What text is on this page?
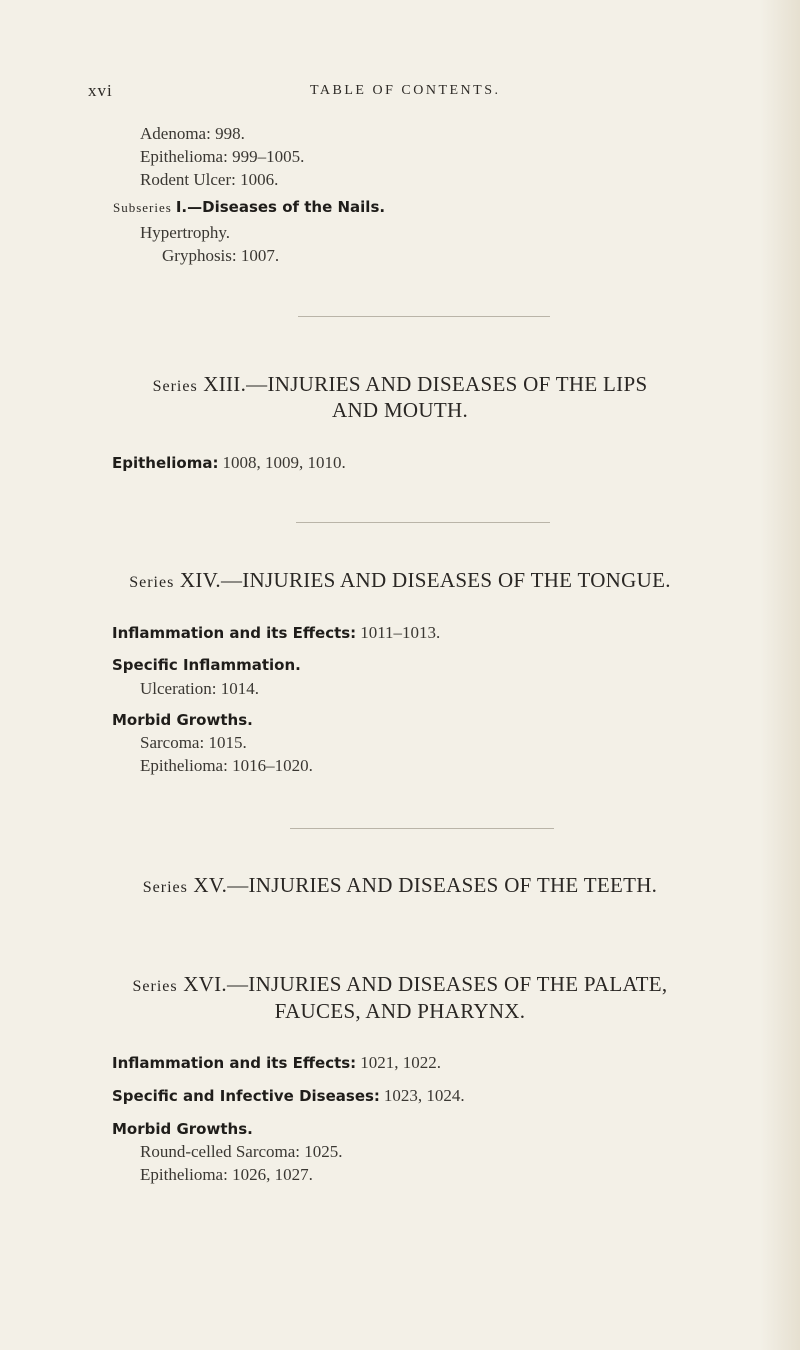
xvi	TABLE OF CONTENTS.
Adenoma: 998.
Epithelioma: 999–1005.
Rodent Ulcer: 1006.
Subseries I.—Diseases of the Nails.
Hypertrophy.
Gryphosis: 1007.
Series XIII.—INJURIES AND DISEASES OF THE LIPS
AND MOUTH.
Epithelioma: 1008, 1009, 1010.
Series XIV.—INJURIES AND DISEASES OF THE TONGUE.
Inflammation and its Effects: 1011–1013.
Specific Inflammation.
Ulceration: 1014.
Morbid Growths.
Sarcoma: 1015.
Epithelioma: 1016–1020.
Series XV.—INJURIES AND DISEASES OF THE TEETH.
Series XVI.—INJURIES AND DISEASES OF THE PALATE,
FAUCES, AND PHARYNX.
Inflammation and its Effects: 1021, 1022.
Specific and Infective Diseases: 1023, 1024.
Morbid Growths.
Round-celled Sarcoma: 1025.
Epithelioma: 1026, 1027.
